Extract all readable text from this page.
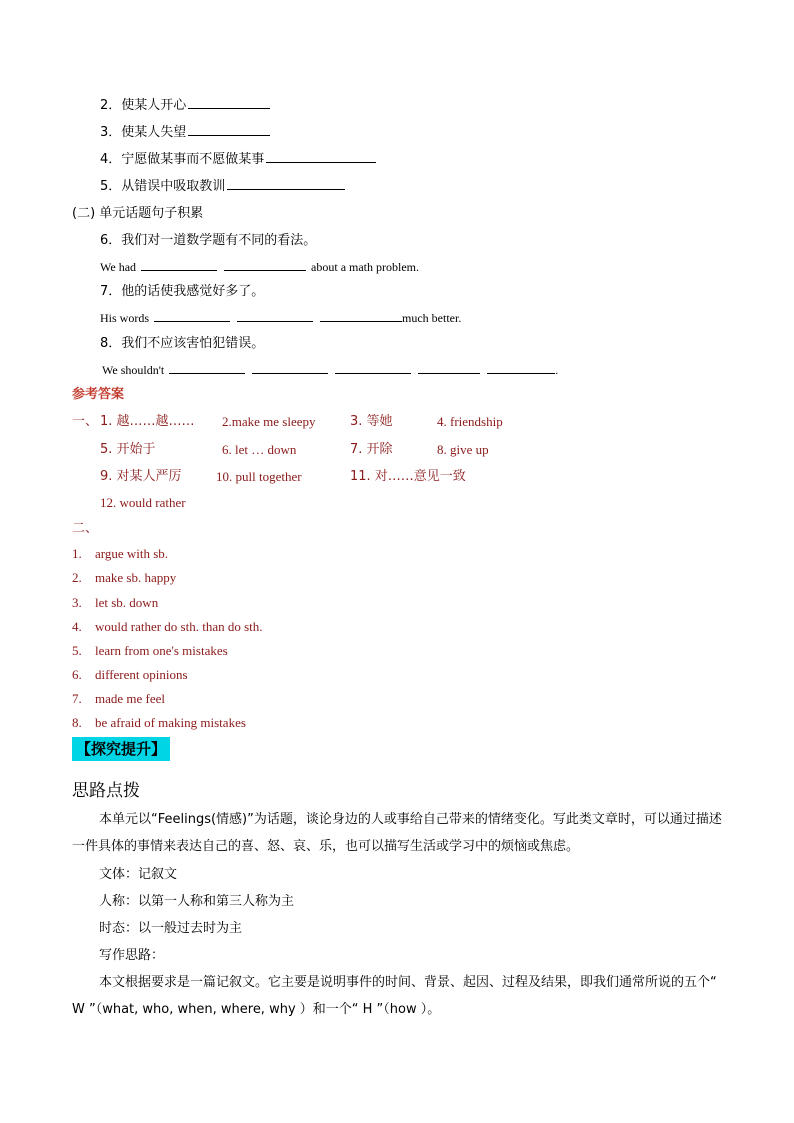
2．使某人开心
3．使某人失望
4．宁愿做某事而不愿做某事
5．从错误中吸取教训
(二) 单元话题句子积累
6．我们对一道数学题有不同的看法。
We had	about a math problem.
7．他的话使我感觉好多了。
His words	much better.
8．我们不应该害怕犯错误。
We shouldn't	.
参考答案
一、 1. 越……越…… 2.make me sleepy	3. 等她	4. friendship
5. 开始于	6. let … down	7. 开除	8. give up
9. 对某人严厉	10. pull together	11. 对……意见一致
12. would rather
二、
1. argue with sb.
2. make sb. happy
3. let sb. down
4. would rather do sth. than do sth.
5. learn from one's mistakes
6. different opinions
7. made me feel
8. be afraid of making mistakes
【探究提升】
思路点拨
本单元以“Feelings(情感)”为话题，谈论身边的人或事给自己带来的情绪变化。写此类文章时，可以通过描述一件具体的事情来表达自己的喜、怒、哀、乐，也可以描写生活或学习中的烦恼或焦虑。
文体：记叙文
人称：以第一人称和第三人称为主
时态：以一般过去时为主
写作思路：
本文根据要求是一篇记叙文。它主要是说明事件的时间、背景、起因、过程及结果，即我们通常所说的五个“ W ”（what, who, when, where, why ）和一个“ H ”（how ）。
